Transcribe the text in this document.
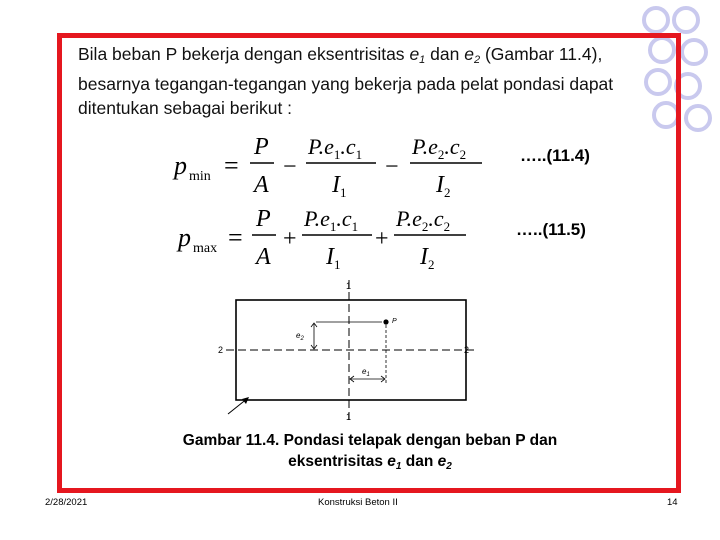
Bila beban P bekerja dengan eksentrisitas $e_1$ dan $e_2$ (Gambar 11.4), besarnya tegangan-tegangan yang bekerja pada pelat pondasi dapat ditentukan sebagai berikut :

p min =
P
A
−
$P.e_1.c_1$
$I_1$
−
$P.e_2.c_2$
$I_2$
…..(11.4)
p max =
P
A
+
$P.e_1.c_1$
$I_1$
+
$P.e_2.c_2$
$I_2$
…..(11.5)
1
1
2	2
P
$e_2$
$e_1$
Gambar 11.4. Pondasi telapak dengan beban P dan
eksentrisitas $e_1$ dan $e_2$
2/28/2021	Konstruksi Beton II	14
